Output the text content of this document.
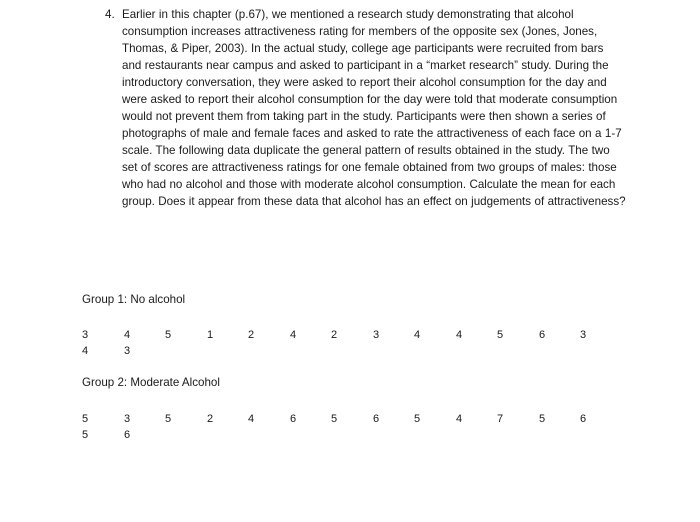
4. Earlier in this chapter (p.67), we mentioned a research study demonstrating that alcohol consumption increases attractiveness rating for members of the opposite sex (Jones, Jones, Thomas, & Piper, 2003). In the actual study, college age participants were recruited from bars and restaurants near campus and asked to participant in a “market research” study. During the introductory conversation, they were asked to report their alcohol consumption for the day and were asked to report their alcohol consumption for the day were told that moderate consumption would not prevent them from taking part in the study. Participants were then shown a series of photographs of male and female faces and asked to rate the attractiveness of each face on a 1-7 scale. The following data duplicate the general pattern of results obtained in the study. The two set of scores are attractiveness ratings for one female obtained from two groups of males: those who had no alcohol and those with moderate alcohol consumption. Calculate the mean for each group. Does it appear from these data that alcohol has an effect on judgements of attractiveness?
Group 1: No alcohol
3	4	5	1	2	4	2	3	4	4	5	6	3
4	3
Group 2: Moderate Alcohol
5	3	5	2	4	6	5	6	5	4	7	5	6
5	6
